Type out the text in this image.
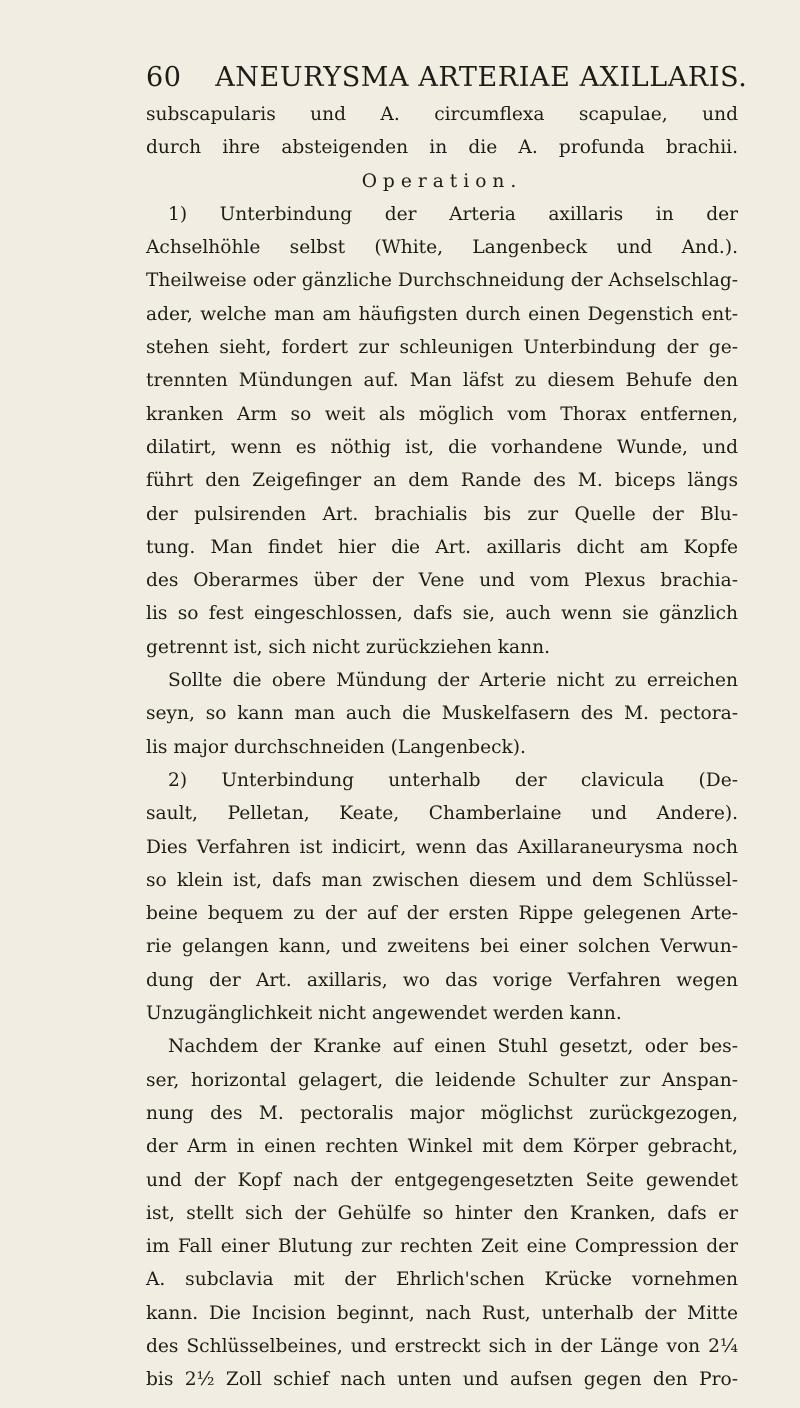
60 ANEURYSMA ARTERIAE AXILLARIS.
subscapularis und A. circumflexa scapulae, und
durch ihre absteigenden in die A. profunda brachii.
Operation.
1) Unterbindung der Arteria axillaris in der
Achselhöhle selbst (White, Langenbeck und And.).
Theilweise oder gänzliche Durchschneidung der Achselschlag-
ader, welche man am häufigsten durch einen Degenstich ent-
stehen sieht, fordert zur schleunigen Unterbindung der ge-
trennten Mündungen auf. Man läfst zu diesem Behufe den
kranken Arm so weit als möglich vom Thorax entfernen,
dilatirt, wenn es nöthig ist, die vorhandene Wunde, und
führt den Zeigefinger an dem Rande des M. biceps längs
der pulsirenden Art. brachialis bis zur Quelle der Blu-
tung. Man findet hier die Art. axillaris dicht am Kopfe
des Oberarmes über der Vene und vom Plexus brachia-
lis so fest eingeschlossen, dafs sie, auch wenn sie gänzlich
getrennt ist, sich nicht zurückziehen kann.
Sollte die obere Mündung der Arterie nicht zu erreichen
seyn, so kann man auch die Muskelfasern des M. pectora-
lis major durchschneiden (Langenbeck).
2) Unterbindung unterhalb der clavicula (De-
sault, Pelletan, Keate, Chamberlaine und Andere).
Dies Verfahren ist indicirt, wenn das Axillaraneurysma noch
so klein ist, dafs man zwischen diesem und dem Schlüssel-
beine bequem zu der auf der ersten Rippe gelegenen Arte-
rie gelangen kann, und zweitens bei einer solchen Verwun-
dung der Art. axillaris, wo das vorige Verfahren wegen
Unzugänglichkeit nicht angewendet werden kann.
Nachdem der Kranke auf einen Stuhl gesetzt, oder bes-
ser, horizontal gelagert, die leidende Schulter zur Anspan-
nung des M. pectoralis major möglichst zurückgezogen,
der Arm in einen rechten Winkel mit dem Körper gebracht,
und der Kopf nach der entgegengesetzten Seite gewendet
ist, stellt sich der Gehülfe so hinter den Kranken, dafs er
im Fall einer Blutung zur rechten Zeit eine Compression der
A. subclavia mit der Ehrlich'schen Krücke vornehmen
kann. Die Incision beginnt, nach Rust, unterhalb der Mitte
des Schlüsselbeines, und erstreckt sich in der Länge von 2¼
bis 2½ Zoll schief nach unten und aufsen gegen den Pro-
